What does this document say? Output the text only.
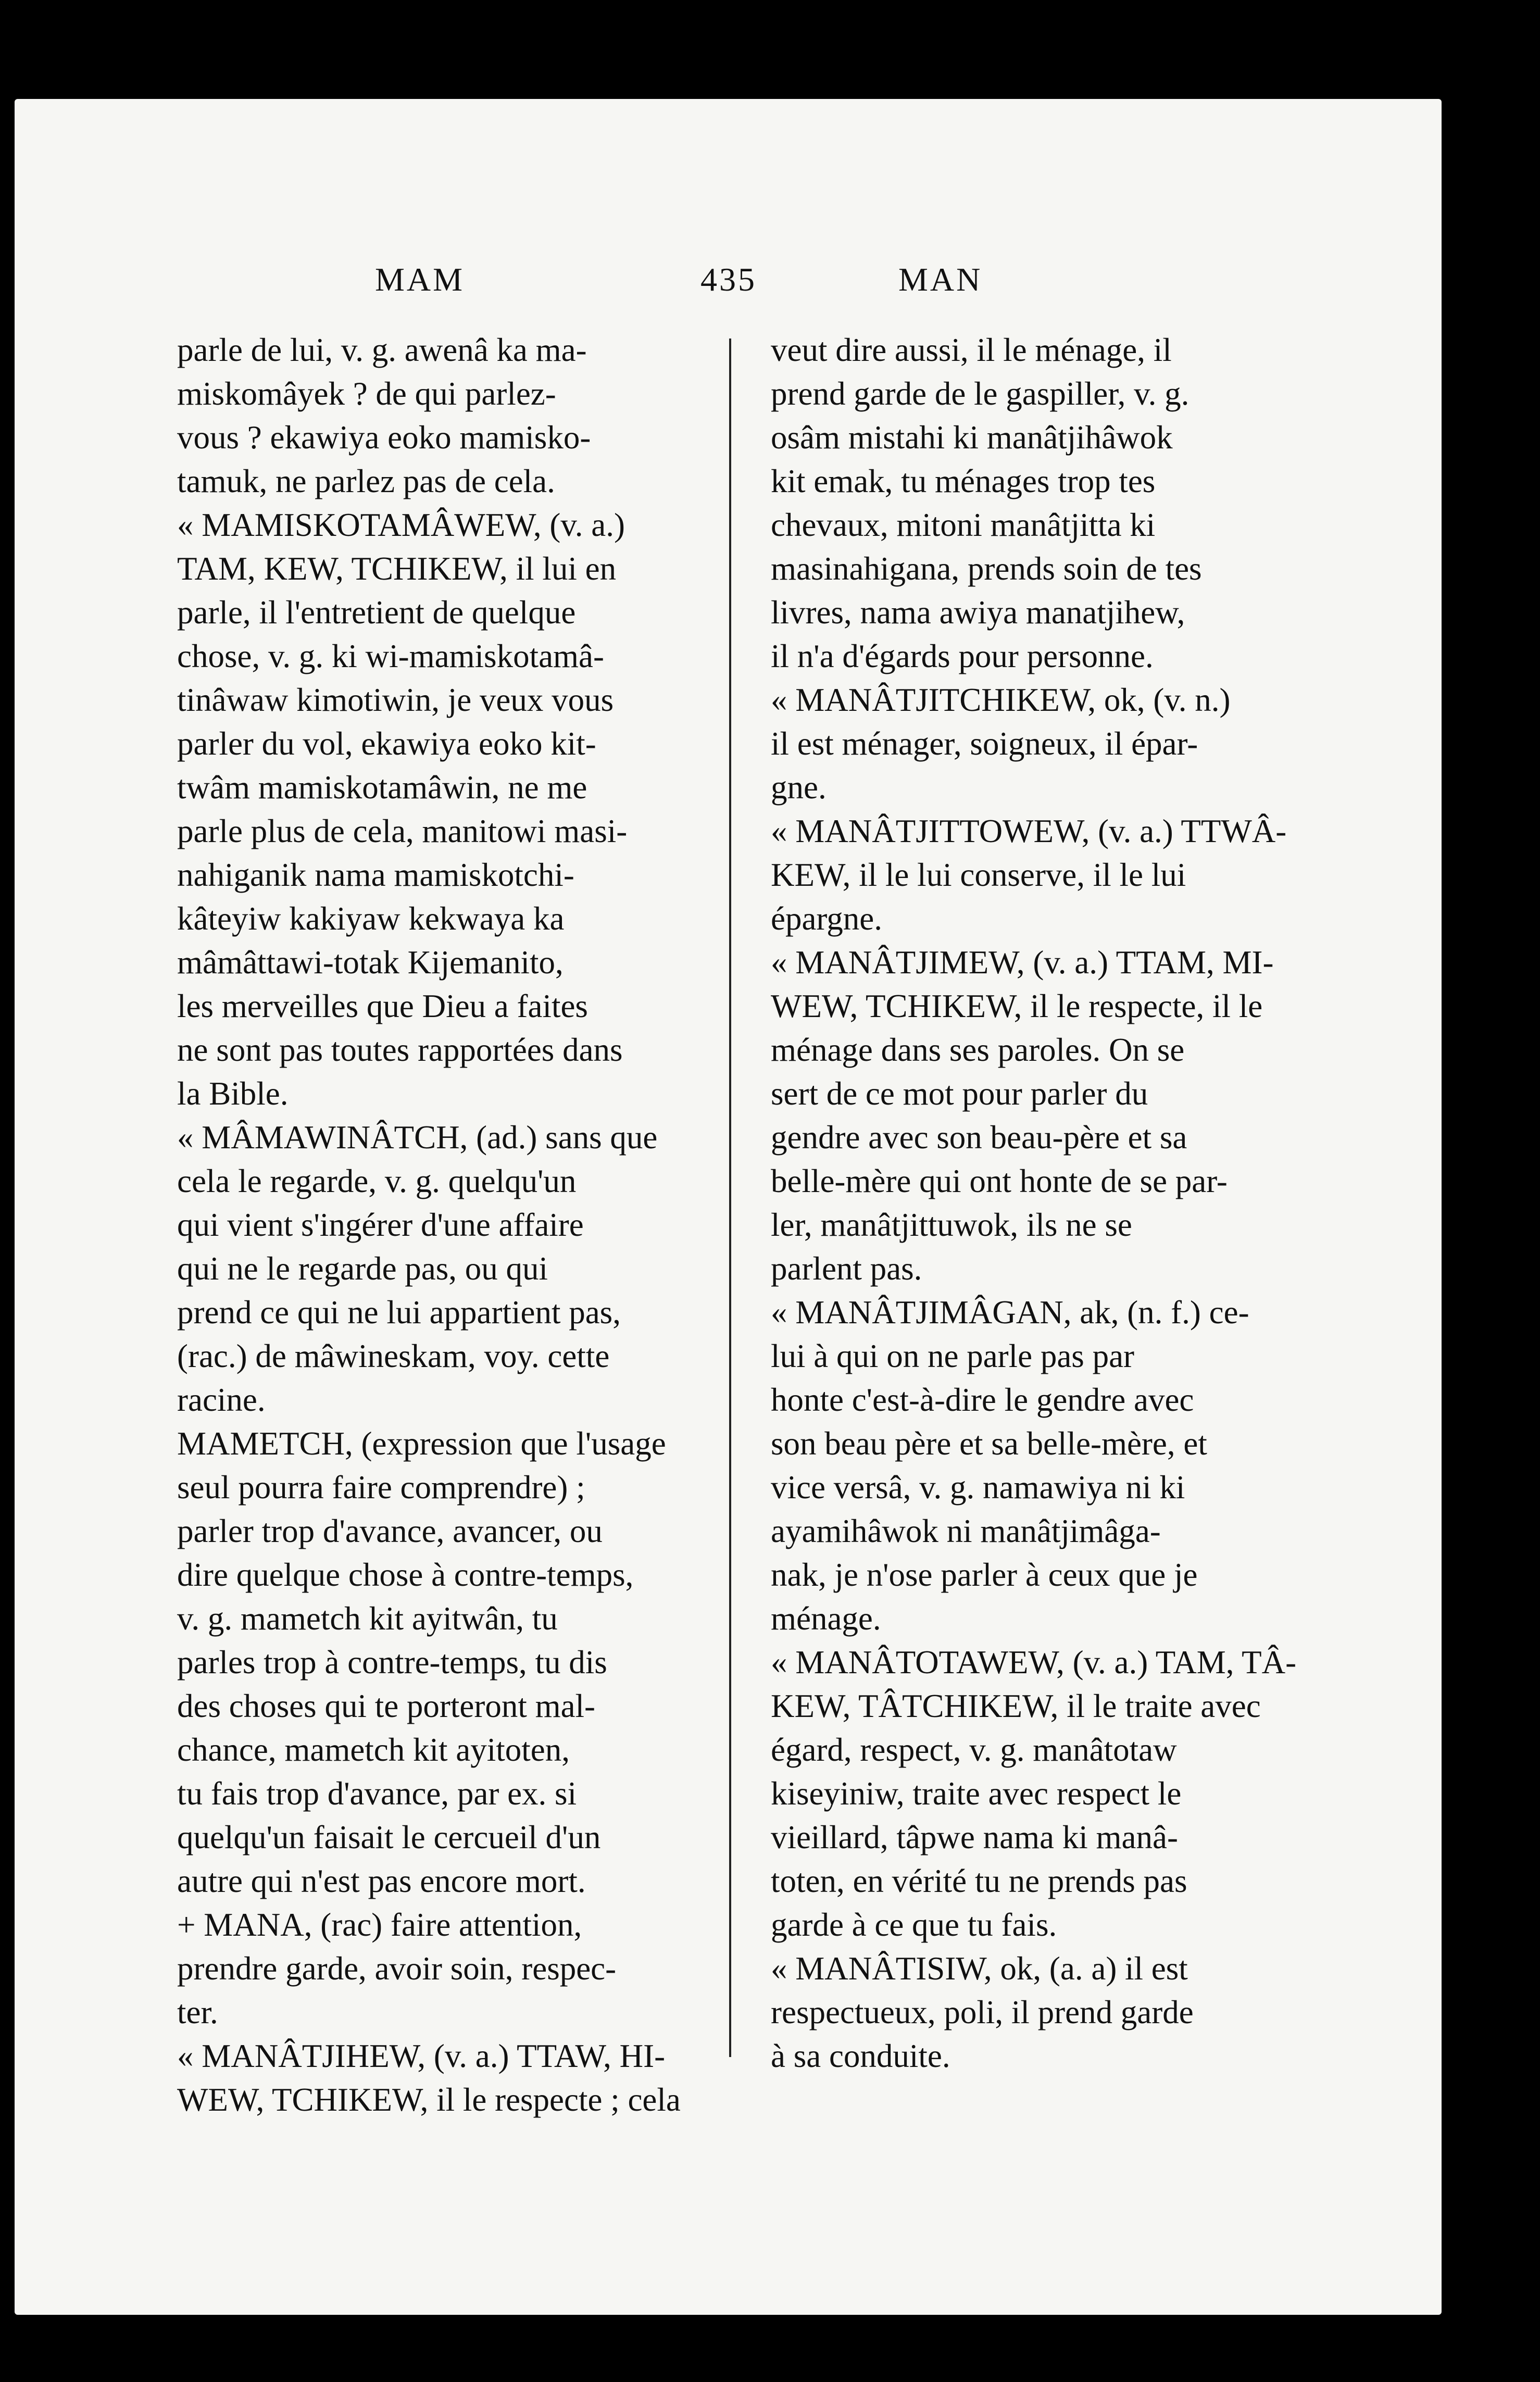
MAM	435	MAN
parle de lui, v. g. awenâ ka ma-
miskomâyek ? de qui parlez-
vous ? ekawiya eoko mamisko-
tamuk, ne parlez pas de cela.
« MAMISKOTAMÂWEW, (v. a.)
TAM, KEW, TCHIKEW, il lui en
parle, il l'entretient de quelque
chose, v. g. ki wi-mamiskotamâ-
tinâwaw kimotiwin, je veux vous
parler du vol, ekawiya eoko kit-
twâm mamiskotamâwin, ne me
parle plus de cela, manitowi masi-
nahiganik nama mamiskotchi-
kâteyiw kakiyaw kekwaya ka
mâmâttawi-totak Kijemanito,
les merveilles que Dieu a faites
ne sont pas toutes rapportées dans
la Bible.
« MÂMAWINÂTCH, (ad.) sans que
cela le regarde, v. g. quelqu'un
qui vient s'ingérer d'une affaire
qui ne le regarde pas, ou qui
prend ce qui ne lui appartient pas,
(rac.) de mâwineskam, voy. cette
racine.
MAMETCH, (expression que l'usage
seul pourra faire comprendre) ;
parler trop d'avance, avancer, ou
dire quelque chose à contre-temps,
v. g. mametch kit ayitwân, tu
parles trop à contre-temps, tu dis
des choses qui te porteront mal-
chance, mametch kit ayitoten,
tu fais trop d'avance, par ex. si
quelqu'un faisait le cercueil d'un
autre qui n'est pas encore mort.
+ MANA, (rac) faire attention,
prendre garde, avoir soin, respec-
ter.
« MANÂTJIHEW, (v. a.) TTAW, HI-
WEW, TCHIKEW, il le respecte ; cela
veut dire aussi, il le ménage, il
prend garde de le gaspiller, v. g.
osâm mistahi ki manâtjihâwok
kit emak, tu ménages trop tes
chevaux, mitoni manâtjitta ki
masinahigana, prends soin de tes
livres, nama awiya manatjihew,
il n'a d'égards pour personne.
« MANÂTJITCHIKEW, ok, (v. n.)
il est ménager, soigneux, il épar-
gne.
« MANÂTJITTOWEW, (v. a.) TTWÂ-
KEW, il le lui conserve, il le lui
épargne.
« MANÂTJIMEW, (v. a.) TTAM, MI-
WEW, TCHIKEW, il le respecte, il le
ménage dans ses paroles. On se
sert de ce mot pour parler du
gendre avec son beau-père et sa
belle-mère qui ont honte de se par-
ler, manâtjittuwok, ils ne se
parlent pas.
« MANÂTJIMÂGAN, ak, (n. f.) ce-
lui à qui on ne parle pas par
honte c'est-à-dire le gendre avec
son beau père et sa belle-mère, et
vice versâ, v. g. namawiya ni ki
ayamihâwok ni manâtjimâga-
nak, je n'ose parler à ceux que je
ménage.
« MANÂTOTAWEW, (v. a.) TAM, TÂ-
KEW, TÂTCHIKEW, il le traite avec
égard, respect, v. g. manâtotaw
kiseyiniw, traite avec respect le
vieillard, tâpwe nama ki manâ-
toten, en vérité tu ne prends pas
garde à ce que tu fais.
« MANÂTISIW, ok, (a. a) il est
respectueux, poli, il prend garde
à sa conduite.
